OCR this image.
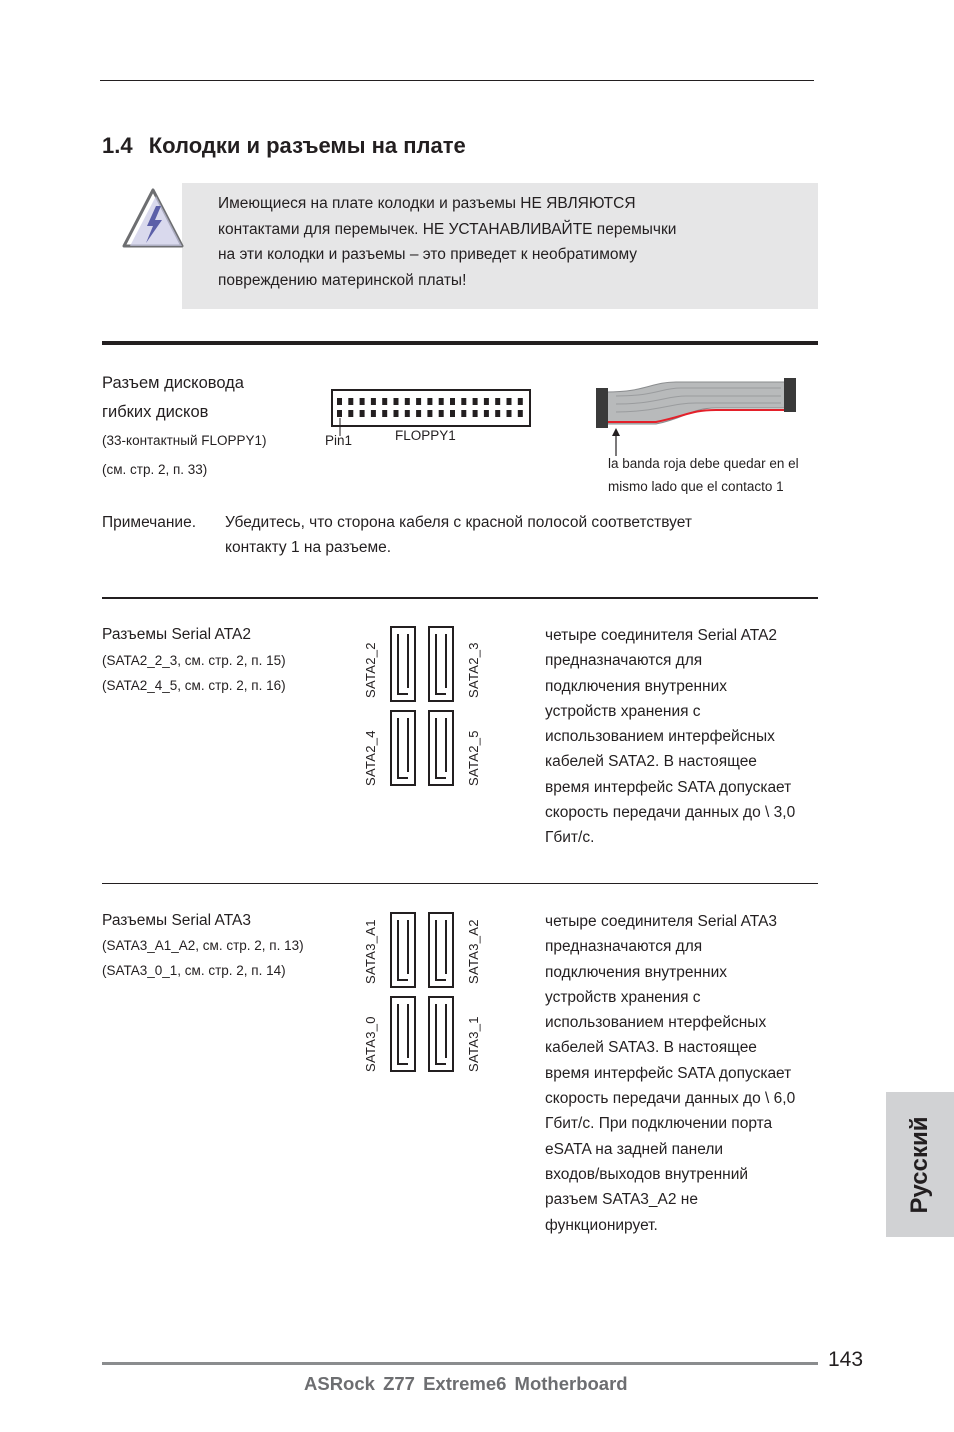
1.4 Колодки и разъемы на плате
Имеющиеся на плате колодки и разъемы НЕ ЯВЛЯЮТСЯ
контактами для перемычек. НЕ УСТАНАВЛИВАЙТЕ перемычки
на эти колодки и разъемы – это приведет к необратимому
повреждению материнской платы!
Разъем дисковода
гибких дисков
(33-контактный FLOPPY1)
(см. стр. 2, п. 33)
Pin1	FLOPPY1
la banda roja debe quedar en el
mismo lado que el contacto 1
Примечание. Убедитесь, что сторона кабеля с красной полосой соответствует
контакту 1 на разъеме.
Разъемы Serial ATA2
(SATA2_2_3, см. стр. 2, п. 15)
(SATA2_4_5, см. стр. 2, п. 16)	SATA2_2	SATA2_3
SATA2_4	SATA2_5
четыре соединителя Serial ATA2
предназначаются для
подключения внутренних
устройств хранения с
использованием интерфейсных
кабелей SATA2. В настоящее
время интерфейс SATA допускает
скорость передачи данных до \ 3,0
Гбит/с.
Разъемы Serial ATA3
(SATA3_A1_A2, см. стр. 2, п. 13)
(SATA3_0_1, см. стр. 2, п. 14)	SATA3_A1	SATA3_A2
SATA3_0	SATA3_1
четыре соединителя Serial ATA3
предназначаются для
подключения внутренних
устройств хранения с
использованием нтерфейсных
кабелей SATA3. В настоящее
время интерфейс SATA допускает
скорость передачи данных до \ 6,0
Гбит/с. При подключении порта
eSATA на задней панели
входов/выходов внутренний
разъем SATA3_A2 не
функционирует.
Русский
143
ASRock Z77 Extreme6 Motherboard
